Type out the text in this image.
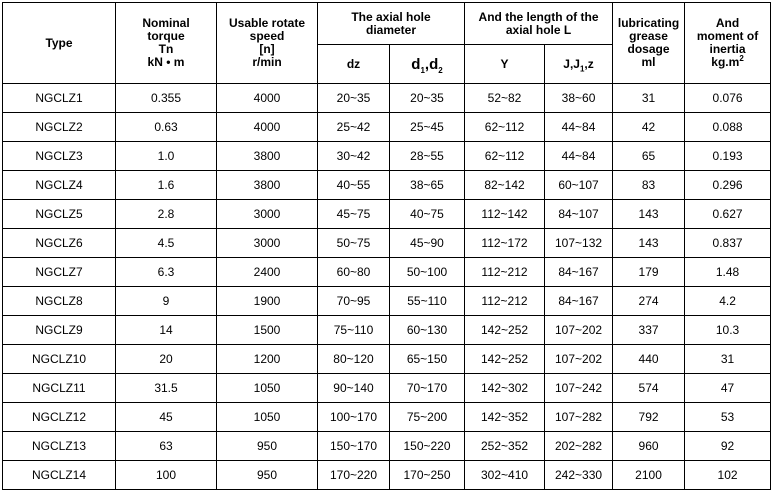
Type	Nominal
torque
Tn
kN • m	Usable rotate
speed
[n]
r/min	The axial hole
diameter		And the length of the
axial hole L		lubricating
grease
dosage
ml	And
moment of
inertia
$kg.m^2$

			dz	$d_1,d_2$	Y	$J,J_1,z$		
NGCLZ1	0.355	4000	20~35	20~35	52~82	38~60	31	0.076
NGCLZ2	0.63	4000	25~42	25~45	62~112	44~84	42	0.088
NGCLZ3	1.0	3800	30~42	28~55	62~112	44~84	65	0.193
NGCLZ4	1.6	3800	40~55	38~65	82~142	60~107	83	0.296
NGCLZ5	2.8	3000	45~75	40~75	112~142	84~107	143	0.627
NGCLZ6	4.5	3000	50~75	45~90	112~172	107~132	143	0.837
NGCLZ7	6.3	2400	60~80	50~100	112~212	84~167	179	1.48
NGCLZ8	9	1900	70~95	55~110	112~212	84~167	274	4.2
NGCLZ9	14	1500	75~110	60~130	142~252	107~202	337	10.3
NGCLZ10	20	1200	80~120	65~150	142~252	107~202	440	31
NGCLZ11	31.5	1050	90~140	70~170	142~302	107~242	574	47
NGCLZ12	45	1050	100~170	75~200	142~352	107~282	792	53
NGCLZ13	63	950	150~170	150~220	252~352	202~282	960	92
NGCLZ14	100	950	170~220	170~250	302~410	242~330	2100	102
